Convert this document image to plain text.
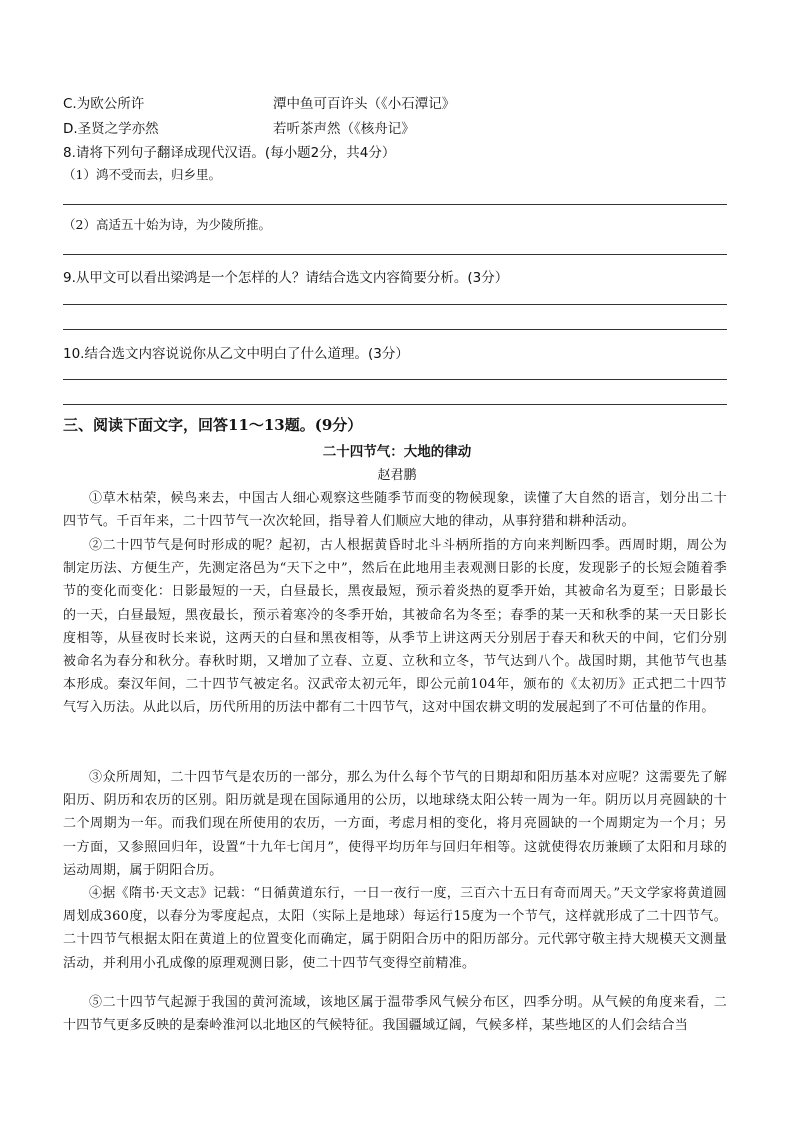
C.为欧公所许	潭中鱼可百许头（《小石潭记》
D.圣贤之学亦然	若听茶声然（《核舟记》
8.请将下列句子翻译成现代汉语。(每小题2分，共4分）
（1）鸿不受而去，归乡里。
（2）高适五十始为诗，为少陵所推。
9.从甲文可以看出梁鸿是一个怎样的人？请结合选文内容简要分析。(3分）
10.结合选文内容说说你从乙文中明白了什么道理。(3分）
三、阅读下面文字，回答11～13题。(9分）
二十四节气：大地的律动
赵君鹏
①草木枯荣，候鸟来去，中国古人细心观察这些随季节而变的物候现象，读懂了大自然的语言，划分出二十四节气。千百年来，二十四节气一次次轮回，指导着人们顺应大地的律动，从事狩猎和耕种活动。
②二十四节气是何时形成的呢？起初，古人根据黄昏时北斗斗柄所指的方向来判断四季。西周时期，周公为制定历法、方便生产，先测定洛邑为“天下之中”，然后在此地用圭表观测日影的长度，发现影子的长短会随着季节的变化而变化：日影最短的一天，白昼最长，黑夜最短，预示着炎热的夏季开始，其被命名为夏至；日影最长的一天，白昼最短，黑夜最长，预示着寒冷的冬季开始，其被命名为冬至；春季的某一天和秋季的某一天日影长度相等，从昼夜时长来说，这两天的白昼和黑夜相等，从季节上讲这两天分别居于春天和秋天的中间，它们分别被命名为春分和秋分。春秋时期，又增加了立春、立夏、立秋和立冬，节气达到八个。战国时期，其他节气也基本形成。秦汉年间，二十四节气被定名。汉武帝太初元年，即公元前104年，颁布的《太初历》正式把二十四节气写入历法。从此以后，历代所用的历法中都有二十四节气，这对中国农耕文明的发展起到了不可估量的作用。
③众所周知，二十四节气是农历的一部分，那么为什么每个节气的日期却和阳历基本对应呢？这需要先了解阳历、阴历和农历的区别。阳历就是现在国际通用的公历，以地球绕太阳公转一周为一年。阴历以月亮圆缺的十二个周期为一年。而我们现在所使用的农历，一方面，考虑月相的变化，将月亮圆缺的一个周期定为一个月；另一方面，又参照回归年，设置“十九年七闰月”，使得平均历年与回归年相等。这就使得农历兼顾了太阳和月球的运动周期，属于阴阳合历。
④据《隋书·天文志》记载：“日循黄道东行，一日一夜行一度，三百六十五日有奇而周天。”天文学家将黄道圆周划成360度，以春分为零度起点，太阳（实际上是地球）每运行15度为一个节气，这样就形成了二十四节气。二十四节气根据太阳在黄道上的位置变化而确定，属于阴阳合历中的阳历部分。元代郭守敬主持大规模天文测量活动，并利用小孔成像的原理观测日影，使二十四节气变得空前精准。
⑤二十四节气起源于我国的黄河流域，该地区属于温带季风气候分布区，四季分明。从气候的角度来看，二十四节气更多反映的是秦岭淮河以北地区的气候特征。我国疆域辽阔，气候多样，某些地区的人们会结合当
